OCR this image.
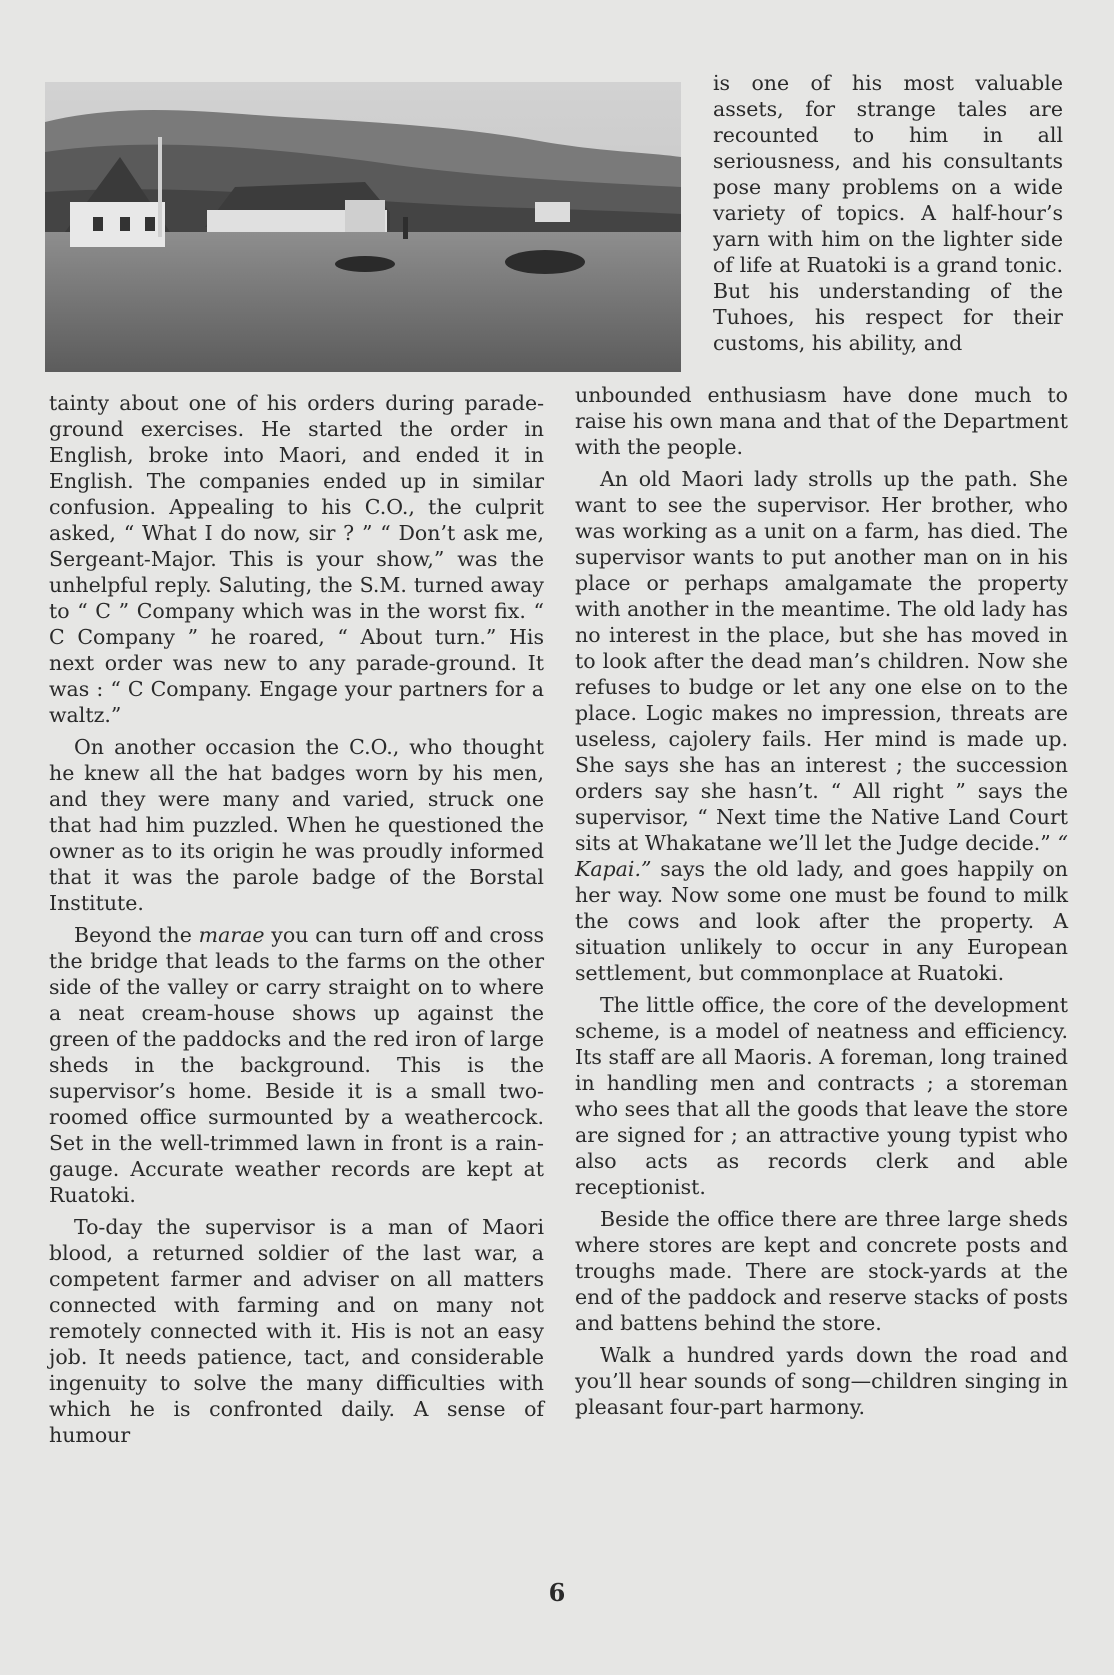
tainty about one of his orders during parade-ground exercises. He started the order in English, broke into Maori, and ended it in English. The companies ended up in similar confusion. Appealing to his C.O., the culprit asked, “ What I do now, sir ? ” “ Don’t ask me, Sergeant-Major. This is your show,” was the unhelpful reply. Saluting, the S.M. turned away to “ C ” Company which was in the worst fix. “ C Company ” he roared, “ About turn.” His next order was new to any parade-ground. It was : “ C Company. Engage your partners for a waltz.”

On another occasion the C.O., who thought he knew all the hat badges worn by his men, and they were many and varied, struck one that had him puzzled. When he questioned the owner as to its origin he was proudly informed that it was the parole badge of the Borstal Institute.

Beyond the marae you can turn off and cross the bridge that leads to the farms on the other side of the valley or carry straight on to where a neat cream-house shows up against the green of the paddocks and the red iron of large sheds in the background. This is the supervisor’s home. Beside it is a small two-roomed office surmounted by a weathercock. Set in the well-trimmed lawn in front is a rain-gauge. Accurate weather records are kept at Ruatoki.

To-day the supervisor is a man of Maori blood, a returned soldier of the last war, a competent farmer and adviser on all matters connected with farming and on many not remotely connected with it. His is not an easy job. It needs patience, tact, and considerable ingenuity to solve the many difficulties with which he is confronted daily. A sense of humour

is one of his most valuable assets, for strange tales are recounted to him in all seriousness, and his consultants pose many problems on a wide variety of topics. A half-hour’s yarn with him on the lighter side of life at Ruatoki is a grand tonic. But his understanding of the Tuhoes, his respect for their customs, his ability, and

unbounded enthusiasm have done much to raise his own mana and that of the Department with the people.

An old Maori lady strolls up the path. She want to see the supervisor. Her brother, who was working as a unit on a farm, has died. The supervisor wants to put another man on in his place or perhaps amalgamate the property with another in the meantime. The old lady has no interest in the place, but she has moved in to look after the dead man’s children. Now she refuses to budge or let any one else on to the place. Logic makes no impression, threats are useless, cajolery fails. Her mind is made up. She says she has an interest ; the succession orders say she hasn’t. “ All right ” says the supervisor, “ Next time the Native Land Court sits at Whakatane we’ll let the Judge decide.” “ Kapai.” says the old lady, and goes happily on her way. Now some one must be found to milk the cows and look after the property. A situation unlikely to occur in any European settlement, but commonplace at Ruatoki.

The little office, the core of the development scheme, is a model of neatness and efficiency. Its staff are all Maoris. A foreman, long trained in handling men and contracts ; a storeman who sees that all the goods that leave the store are signed for ; an attractive young typist who also acts as records clerk and able receptionist.

Beside the office there are three large sheds where stores are kept and concrete posts and troughs made. There are stock-yards at the end of the paddock and reserve stacks of posts and battens behind the store.

Walk a hundred yards down the road and you’ll hear sounds of song—children singing in pleasant four-part harmony.

6
